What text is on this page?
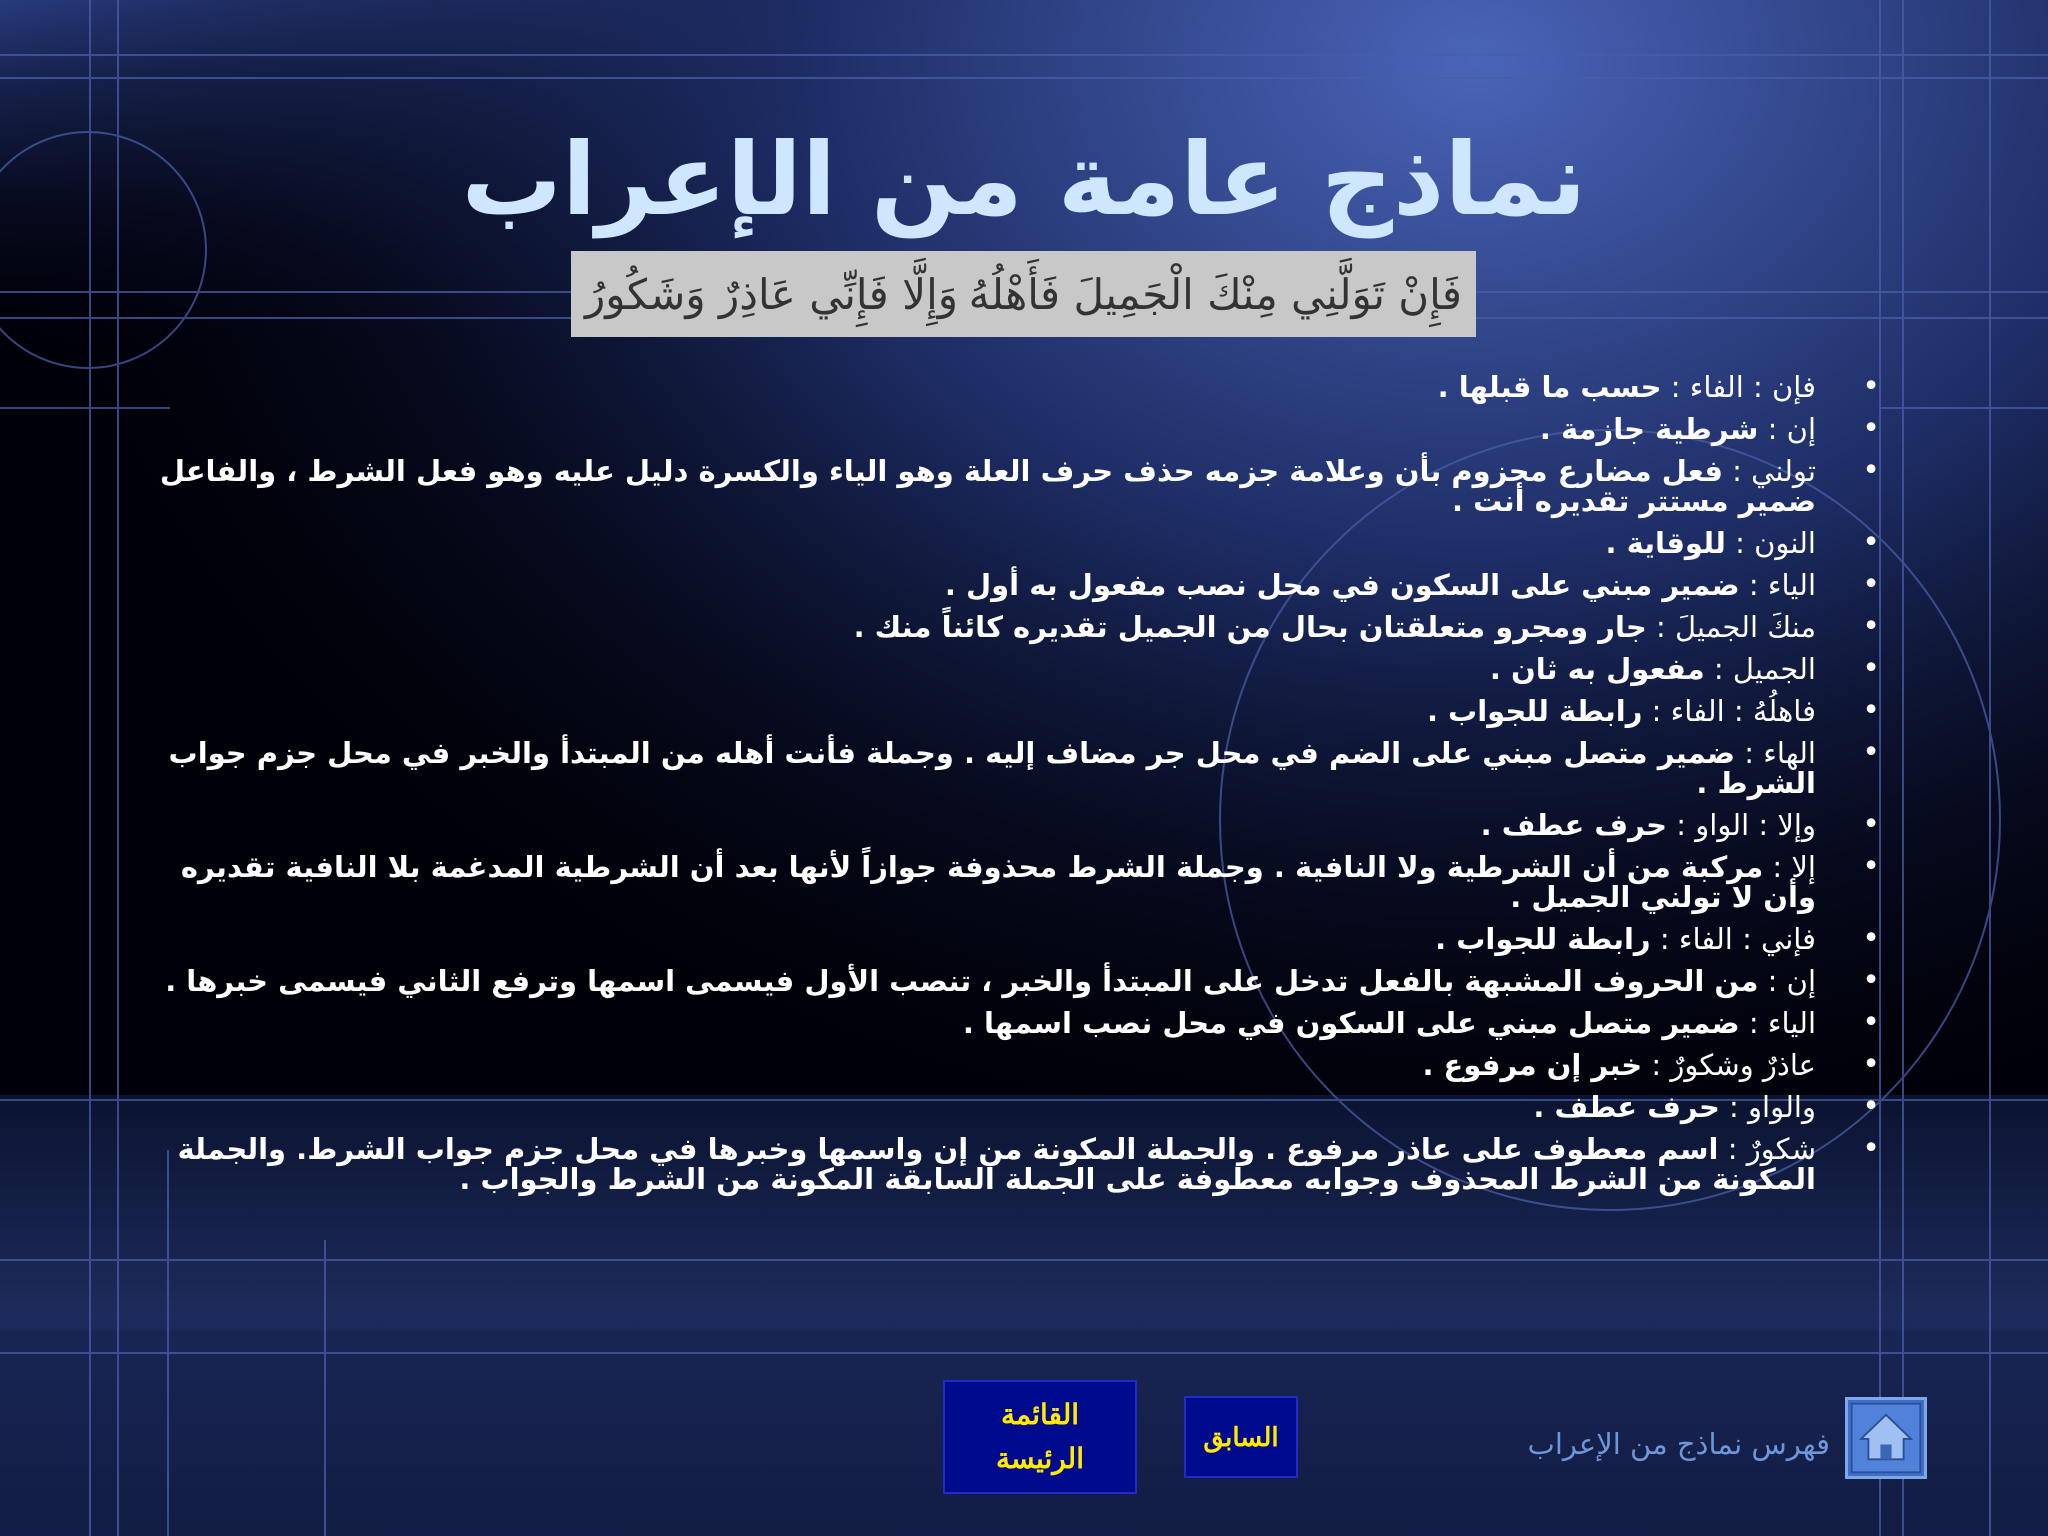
نماذج عامة من الإعراب
فَإِنْ تَوَلَّنِي مِنْكَ الْجَمِيلَ فَأَهْلُهُ
وَإِلَّا فَإِنِّي عَاذِرٌ وَشَكُورُ
• فإن : الفاء : حسب ما قبلها .
• إن : شرطية جازمة .
• تولني : فعل مضارع مجزوم بأن وعلامة جزمه حذف حرف العلة وهو الياء والكسرة دليل عليه وهو فعل الشرط ، والفاعل ضمير مستتر تقديره أنت .
• النون : للوقاية .
• الياء : ضمير مبني على السكون في محل نصب مفعول به أول .
• منكَ الجميلَ : جار ومجرو متعلقتان بحال من الجميل تقديره كائناً منك .
• الجميل : مفعول به ثان .
• فاهلُهُ : الفاء : رابطة للجواب .
• الهاء : ضمير متصل مبني على الضم في محل جر مضاف إليه . وجملة فأنت أهله من المبتدأ والخبر في محل جزم جواب الشرط .
• وإلا : الواو : حرف عطف .
• إلا : مركبة من أن الشرطية ولا النافية . وجملة الشرط محذوفة جوازاً لأنها بعد أن الشرطية المدغمة بلا النافية تقديره وأن لا تولني الجميل .
• فإني : الفاء : رابطة للجواب .
• إن : من الحروف المشبهة بالفعل تدخل على المبتدأ والخبر ، تنصب الأول فيسمى اسمها وترفع الثاني فيسمى خبرها .
• الياء : ضمير متصل مبني على السكون في محل نصب اسمها .
• عاذرٌ وشكورٌ : خبر إن مرفوع .
• والواو : حرف عطف .
• شكورٌ : اسم معطوف على عاذر مرفوع . والجملة المكونة من إن واسمها وخبرها في محل جزم جواب الشرط. والجملة المكونة من الشرط المحذوف وجوابه معطوفة على الجملة السابقة المكونة من الشرط والجواب .
القائمة الرئيسة
السابق	فهرس نماذج من الإعراب
